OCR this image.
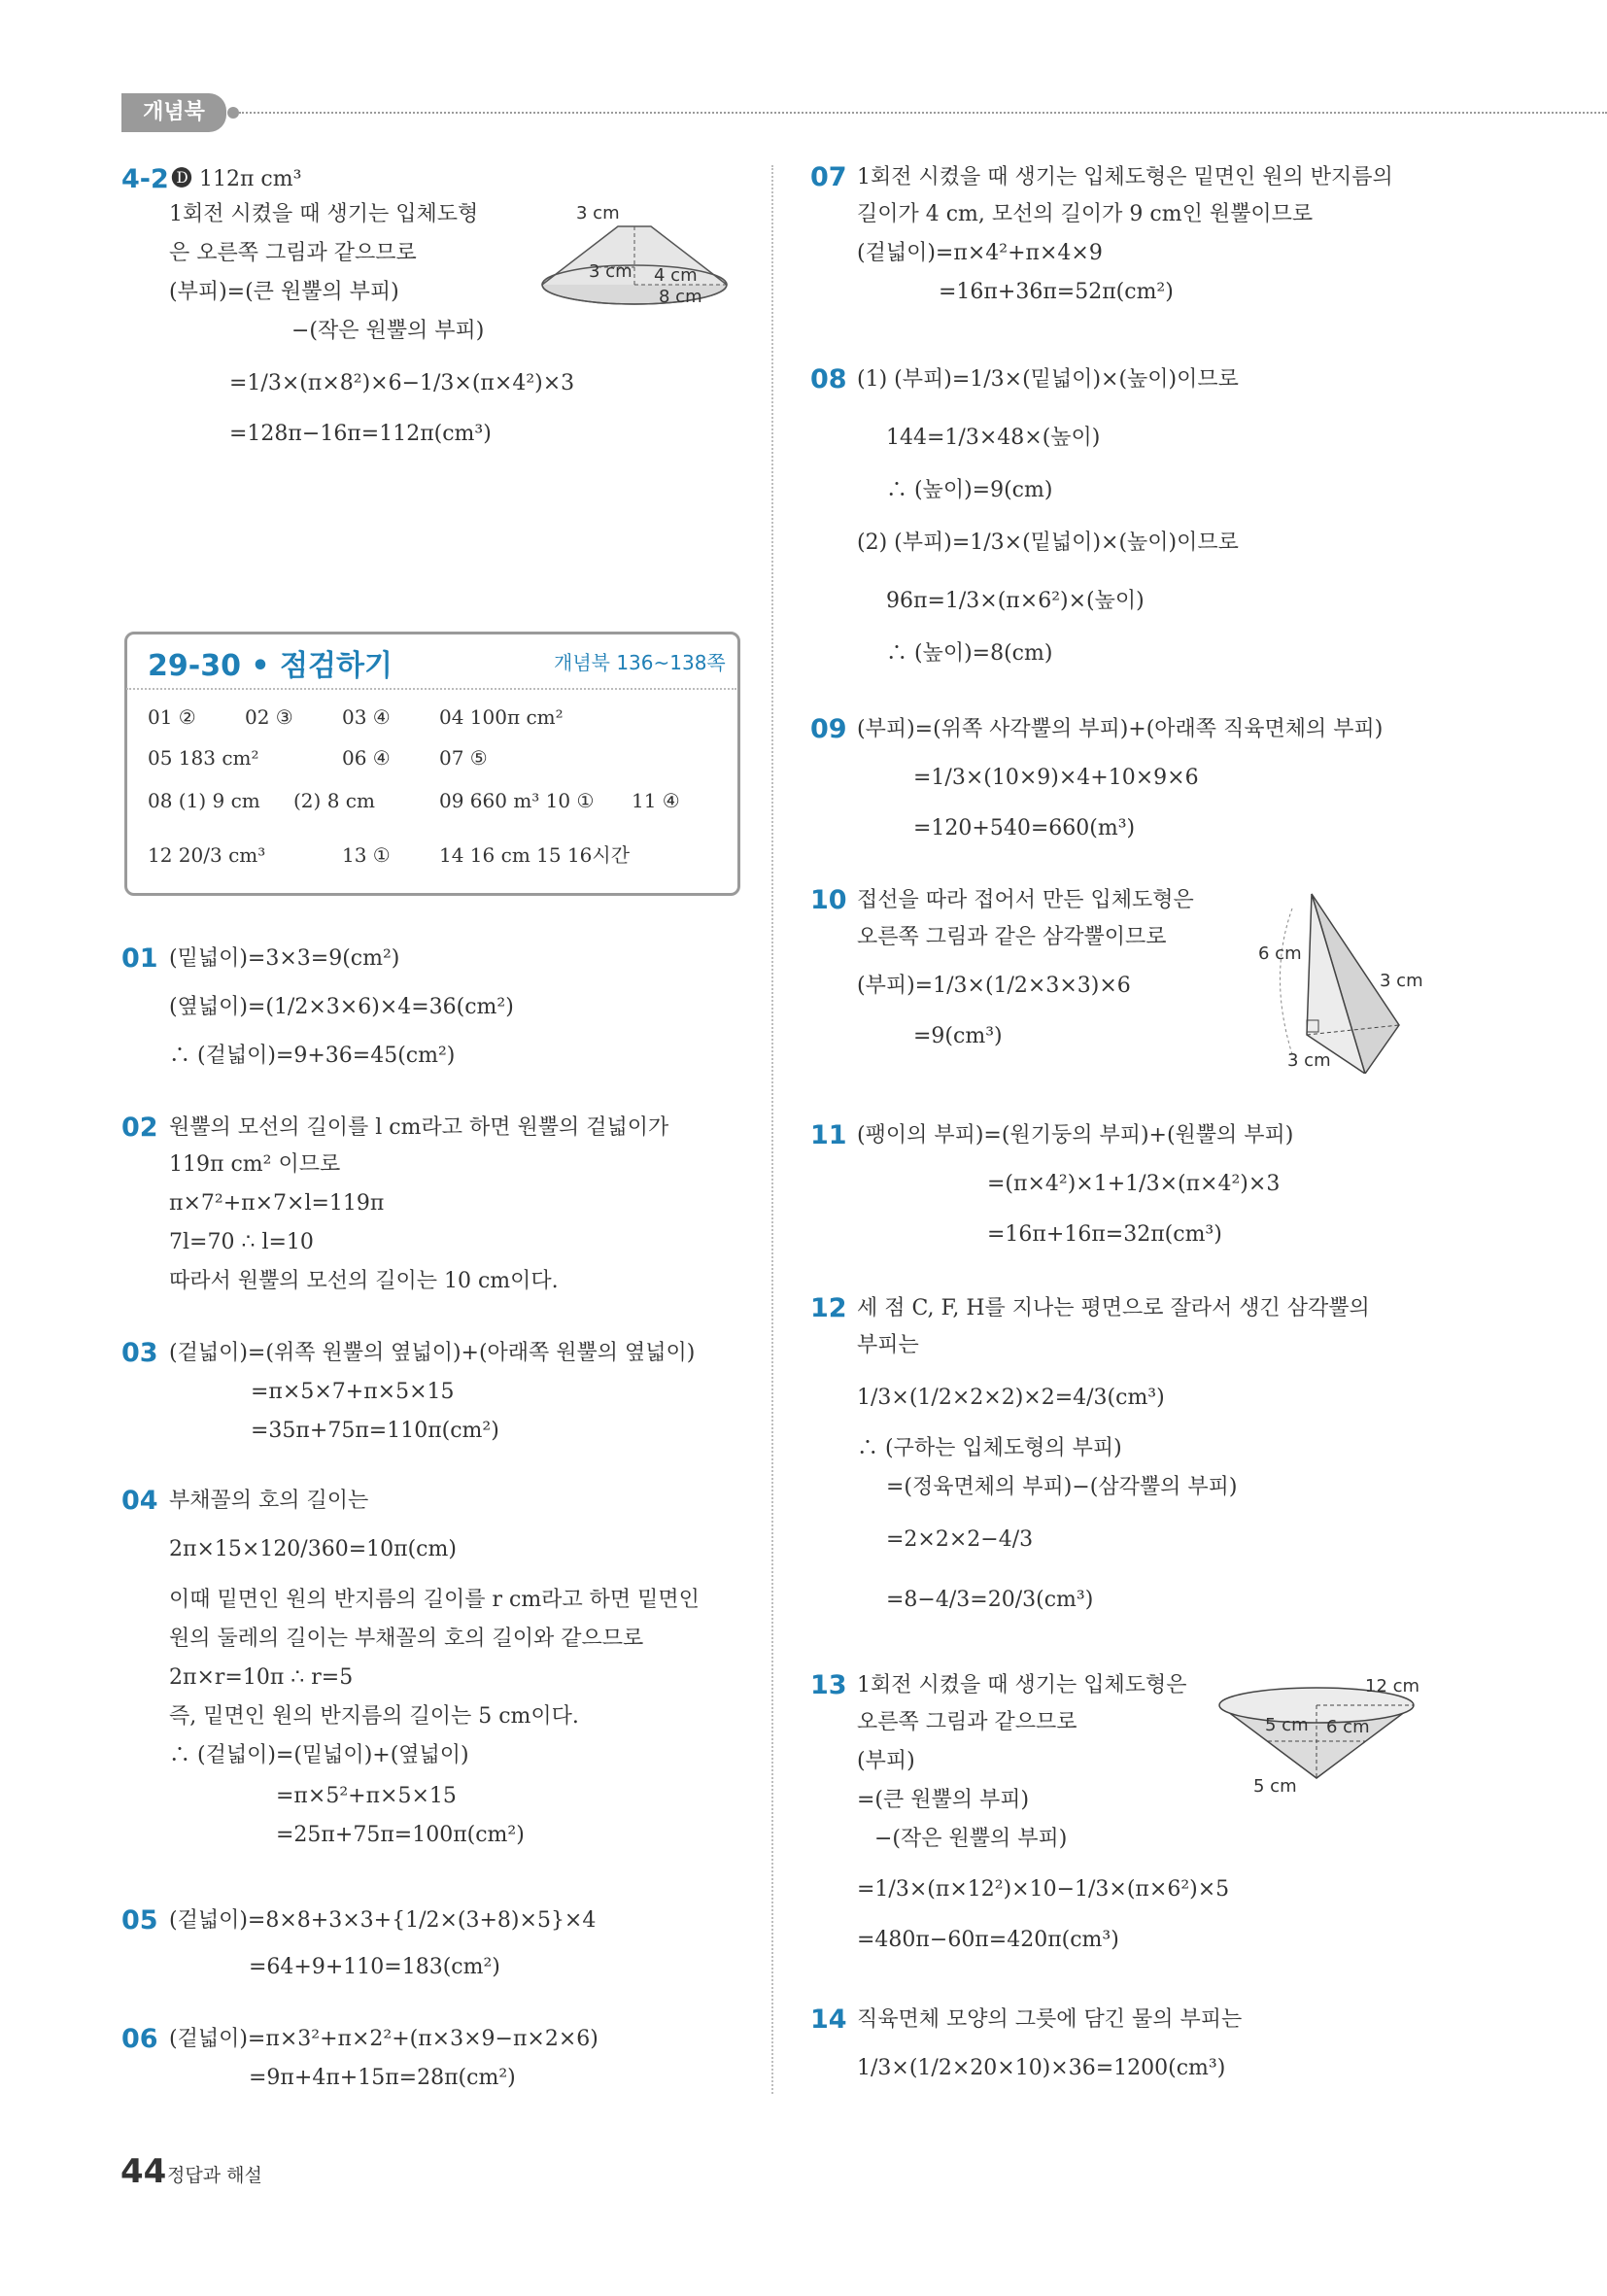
개념북
4-2 🅓 112π cm³
1회전 시켰을 때 생기는 입체도형
은 오른쪽 그림과 같으므로
(부피)=(큰 원뿔의 부피)
−(작은 원뿔의 부피)
=1/3×(π×8²)×6−1/3×(π×4²)×3
=128π−16π=112π(cm³)
3 cm
3 cm 4 cm
8 cm
29-30 • 점검하기	개념북 136~138쪽
01 ②	02 ③	03 ④	04 100π cm²
05 183 cm²	06 ④	07 ⑤
08 (1) 9 cm (2) 8 cm	09 660 m³ 10 ① 11 ④
12 20/3 cm³	13 ①	14 16 cm 15 16시간
01 (밑넓이)=3×3=9(cm²)
(옆넓이)=(1/2×3×6)×4=36(cm²)
∴ (겉넓이)=9+36=45(cm²)
02 원뿔의 모선의 길이를 l cm라고 하면 원뿔의 겉넓이가
119π cm² 이므로
π×7²+π×7×l=119π
7l=70 ∴ l=10
따라서 원뿔의 모선의 길이는 10 cm이다.
03 (겉넓이)=(위쪽 원뿔의 옆넓이)+(아래쪽 원뿔의 옆넓이)
=π×5×7+π×5×15
=35π+75π=110π(cm²)
04 부채꼴의 호의 길이는
2π×15×120/360=10π(cm)
이때 밑면인 원의 반지름의 길이를 r cm라고 하면 밑면인
원의 둘레의 길이는 부채꼴의 호의 길이와 같으므로
2π×r=10π ∴ r=5
즉, 밑면인 원의 반지름의 길이는 5 cm이다.
∴ (겉넓이)=(밑넓이)+(옆넓이)
=π×5²+π×5×15
=25π+75π=100π(cm²)
05 (겉넓이)=8×8+3×3+{1/2×(3+8)×5}×4
=64+9+110=183(cm²)
06 (겉넓이)=π×3²+π×2²+(π×3×9−π×2×6)
=9π+4π+15π=28π(cm²)
07 1회전 시켰을 때 생기는 입체도형은 밑면인 원의 반지름의
길이가 4 cm, 모선의 길이가 9 cm인 원뿔이므로
(겉넓이)=π×4²+π×4×9
=16π+36π=52π(cm²)
08 (1) (부피)=1/3×(밑넓이)×(높이)이므로
144=1/3×48×(높이)
∴ (높이)=9(cm)
(2) (부피)=1/3×(밑넓이)×(높이)이므로
96π=1/3×(π×6²)×(높이)
∴ (높이)=8(cm)
09 (부피)=(위쪽 사각뿔의 부피)+(아래쪽 직육면체의 부피)
=1/3×(10×9)×4+10×9×6
=120+540=660(m³)
10 접선을 따라 접어서 만든 입체도형은
오른쪽 그림과 같은 삼각뿔이므로
(부피)=1/3×(1/2×3×3)×6
=9(cm³)
6 cm
3 cm
3 cm
11 (팽이의 부피)=(원기둥의 부피)+(원뿔의 부피)
=(π×4²)×1+1/3×(π×4²)×3
=16π+16π=32π(cm³)
12 세 점 C, F, H를 지나는 평면으로 잘라서 생긴 삼각뿔의
부피는
1/3×(1/2×2×2)×2=4/3(cm³)
∴ (구하는 입체도형의 부피)
=(정육면체의 부피)−(삼각뿔의 부피)
=2×2×2−4/3
=8−4/3=20/3(cm³)
13 1회전 시켰을 때 생기는 입체도형은
오른쪽 그림과 같으므로
(부피)
=(큰 원뿔의 부피)
−(작은 원뿔의 부피)
=1/3×(π×12²)×10−1/3×(π×6²)×5
=480π−60π=420π(cm³)
12 cm
5 cm 6 cm
5 cm
14 직육면체 모양의 그릇에 담긴 물의 부피는
1/3×(1/2×20×10)×36=1200(cm³)
44 정답과 해설
